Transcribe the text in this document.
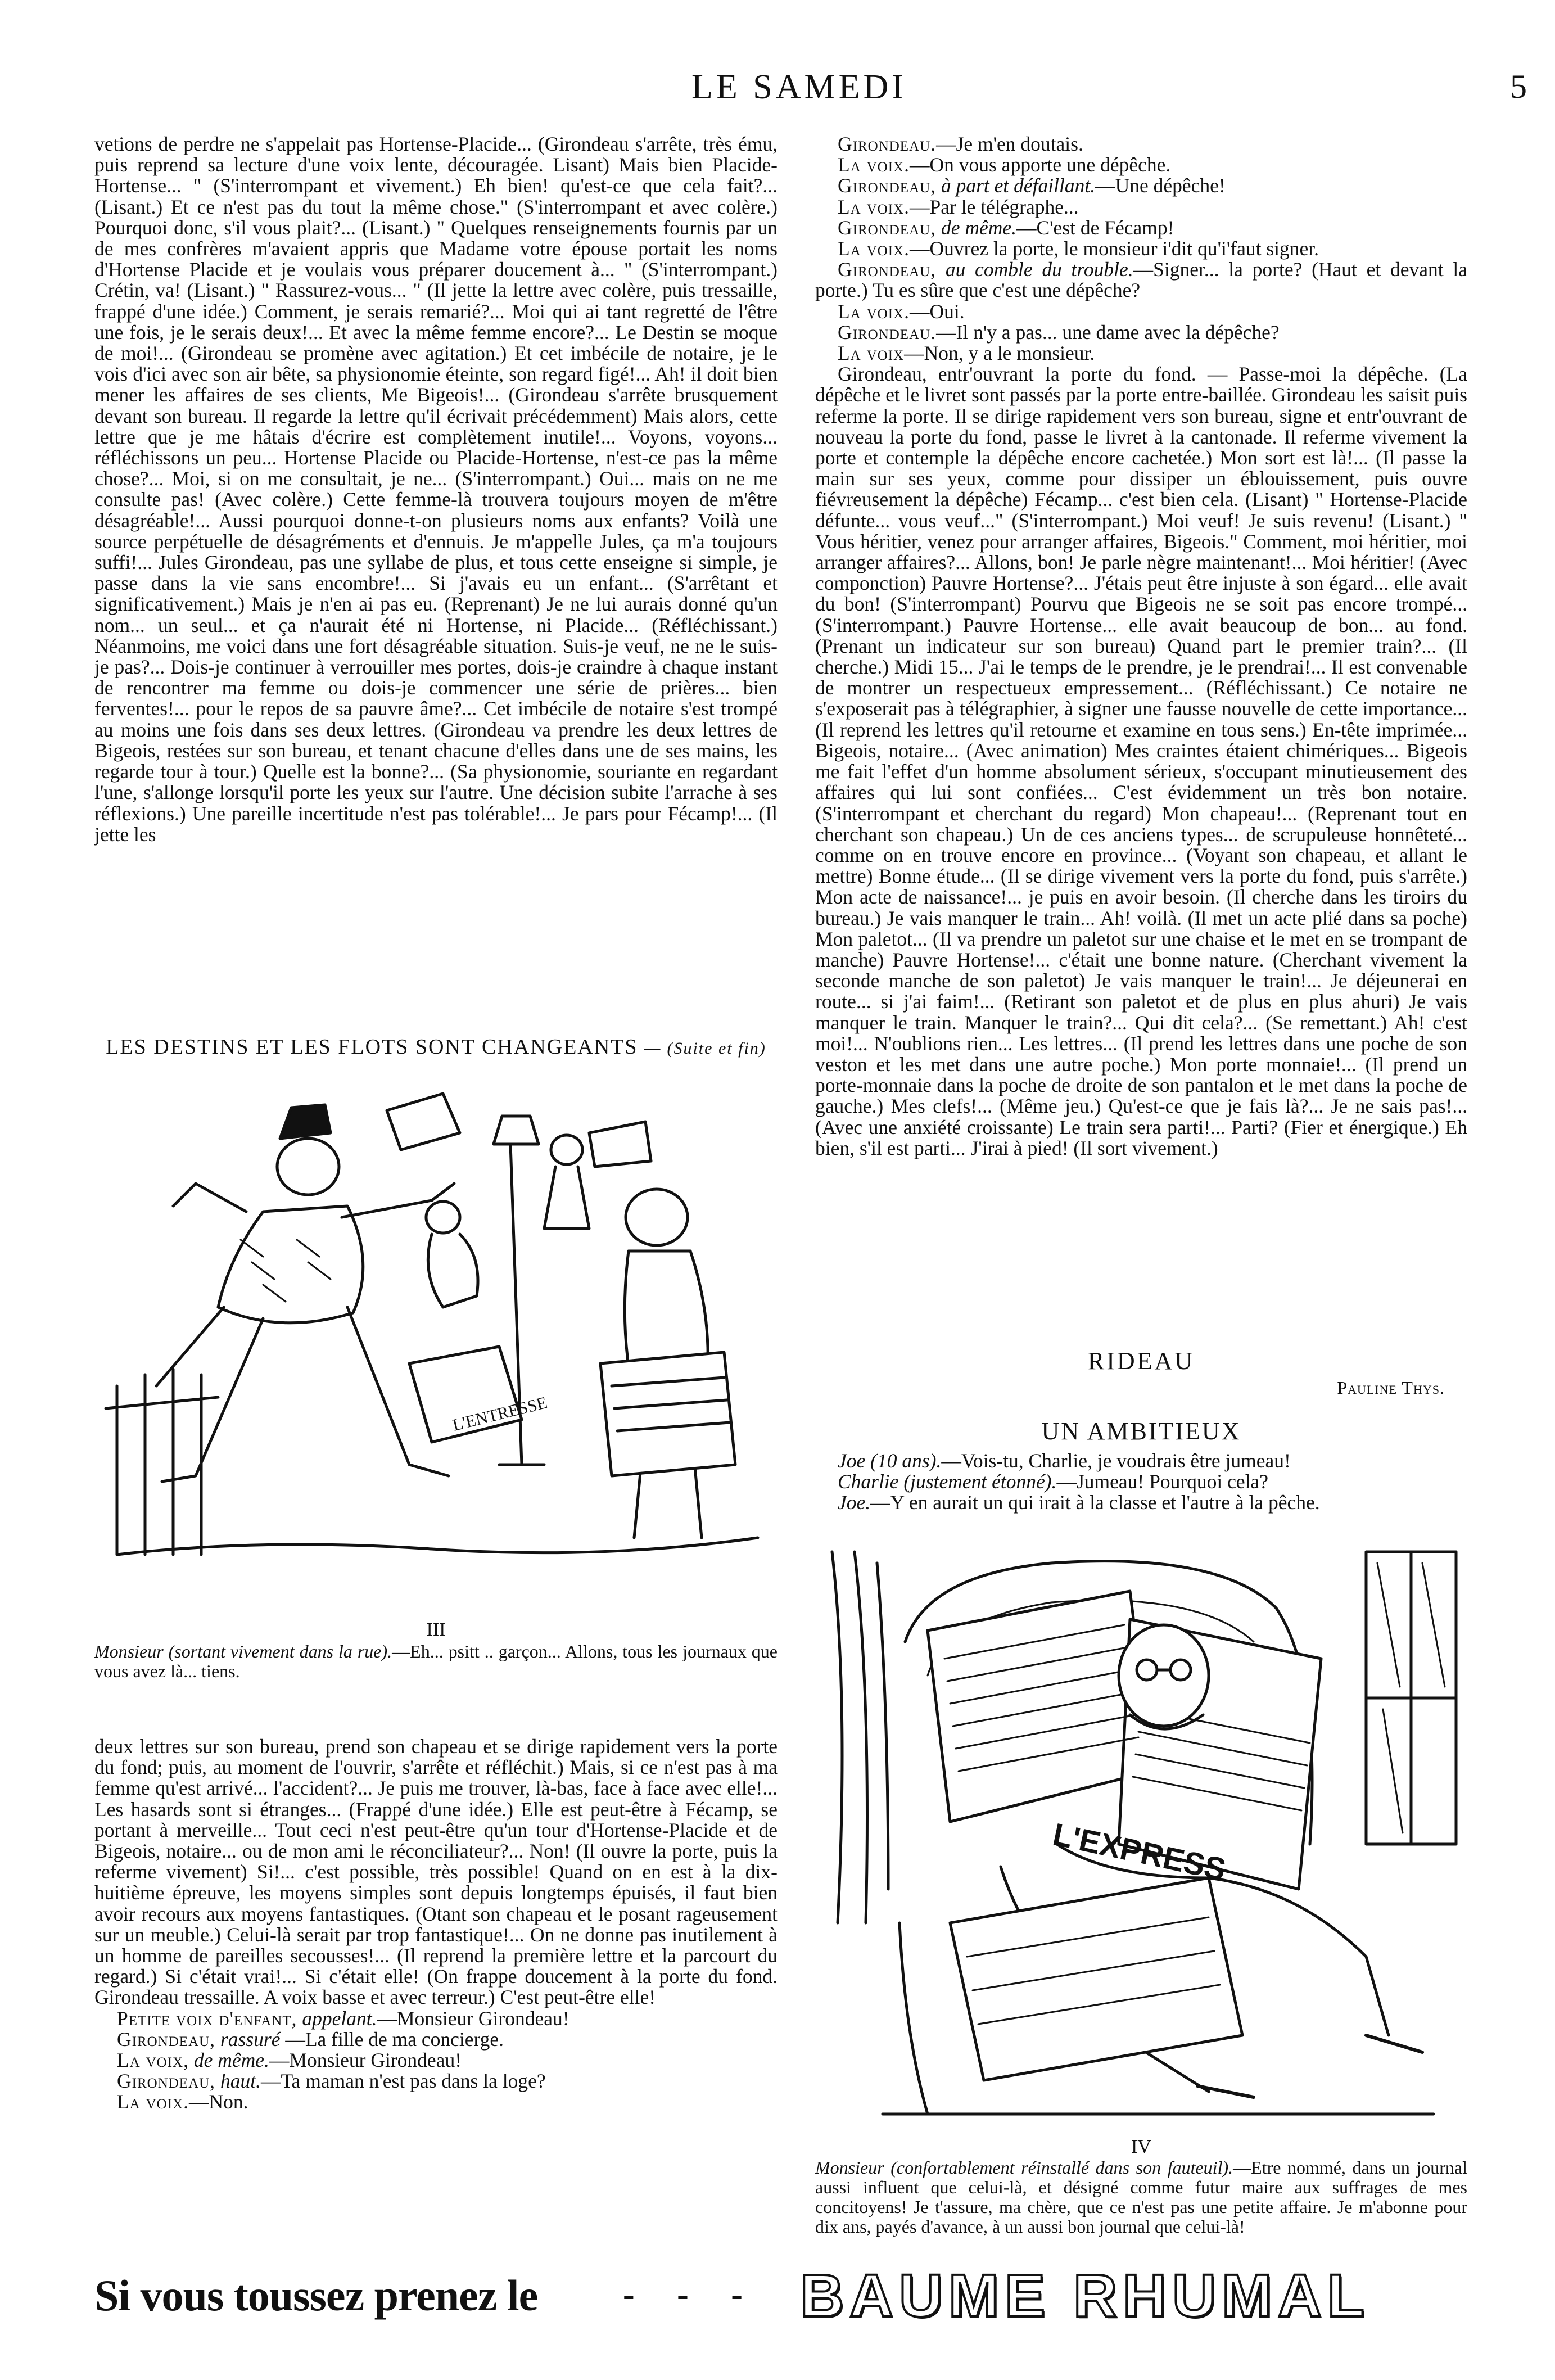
LE SAMEDI	5

vetions de perdre ne s'appelait pas Hortense-Placide... (Girondeau s'arrête, très ému, puis reprend sa lecture d'une voix lente, découragée. Lisant) Mais bien Placide-Hortense... " (S'interrompant et vivement.) Eh bien! qu'est-ce que cela fait?... (Lisant.) Et ce n'est pas du tout la même chose." (S'interrompant et avec colère.) Pourquoi donc, s'il vous plait?... (Lisant.) " Quelques renseignements fournis par un de mes confrères m'avaient appris que Madame votre épouse portait les noms d'Hortense Placide et je voulais vous préparer doucement à... " (S'interrompant.) Crétin, va! (Lisant.) " Rassurez-vous... " (Il jette la lettre avec colère, puis tressaille, frappé d'une idée.) Comment, je serais remarié?... Moi qui ai tant regretté de l'être une fois, je le serais deux!... Et avec la même femme encore?... Le Destin se moque de moi!... (Girondeau se promène avec agitation.) Et cet imbécile de notaire, je le vois d'ici avec son air bête, sa physionomie éteinte, son regard figé!... Ah! il doit bien mener les affaires de ses clients, Me Bigeois!... (Girondeau s'arrête brusquement devant son bureau. Il regarde la lettre qu'il écrivait précédemment) Mais alors, cette lettre que je me hâtais d'écrire est complètement inutile!... Voyons, voyons... réfléchissons un peu... Hortense Placide ou Placide-Hortense, n'est-ce pas la même chose?... Moi, si on me consultait, je ne... (S'interrompant.) Oui... mais on ne me consulte pas! (Avec colère.) Cette femme-là trouvera toujours moyen de m'être désagréable!... Aussi pourquoi donne-t-on plusieurs noms aux enfants? Voilà une source perpétuelle de désagréments et d'ennuis. Je m'appelle Jules, ça m'a toujours suffi!... Jules Girondeau, pas une syllabe de plus, et tous cette enseigne si simple, je passe dans la vie sans encombre!... Si j'avais eu un enfant... (S'arrêtant et significativement.) Mais je n'en ai pas eu. (Reprenant) Je ne lui aurais donné qu'un nom... un seul... et ça n'aurait été ni Hortense, ni Placide... (Réfléchissant.) Néanmoins, me voici dans une fort désagréable situation. Suis-je veuf, ne ne le suis-je pas?... Dois-je continuer à verrouiller mes portes, dois-je craindre à chaque instant de rencontrer ma femme ou dois-je commencer une série de prières... bien ferventes!... pour le repos de sa pauvre âme?... Cet imbécile de notaire s'est trompé au moins une fois dans ses deux lettres. (Girondeau va prendre les deux lettres de Bigeois, restées sur son bureau, et tenant chacune d'elles dans une de ses mains, les regarde tour à tour.) Quelle est la bonne?... (Sa physionomie, souriante en regardant l'une, s'allonge lorsqu'il porte les yeux sur l'autre. Une décision subite l'arrache à ses réflexions.) Une pareille incertitude n'est pas tolérable!... Je pars pour Fécamp!... (Il jette les

LES DESTINS ET LES FLOTS SONT CHANGEANTS — (Suite et fin)
L'ENTRESSE
III
Monsieur (sortant vivement dans la rue).—Eh... psitt .. garçon... Allons, tous les journaux que vous avez là... tiens.

deux lettres sur son bureau, prend son chapeau et se dirige rapidement vers la porte du fond; puis, au moment de l'ouvrir, s'arrête et réfléchit.) Mais, si ce n'est pas à ma femme qu'est arrivé... l'accident?... Je puis me trouver, là-bas, face à face avec elle!... Les hasards sont si étranges... (Frappé d'une idée.) Elle est peut-être à Fécamp, se portant à merveille... Tout ceci n'est peut-être qu'un tour d'Hortense-Placide et de Bigeois, notaire... ou de mon ami le réconciliateur?... Non! (Il ouvre la porte, puis la referme vivement) Si!... c'est possible, très possible! Quand on en est à la dix-huitième épreuve, les moyens simples sont depuis longtemps épuisés, il faut bien avoir recours aux moyens fantastiques. (Otant son chapeau et le posant rageusement sur un meuble.) Celui-là serait par trop fantastique!... On ne donne pas inutilement à un homme de pareilles secousses!... (Il reprend la première lettre et la parcourt du regard.) Si c'était vrai!... Si c'était elle! (On frappe doucement à la porte du fond. Girondeau tressaille. A voix basse et avec terreur.) C'est peut-être elle!

Petite voix d'enfant, appelant.—Monsieur Girondeau!

Girondeau, rassuré —La fille de ma concierge.

La voix, de même.—Monsieur Girondeau!

Girondeau, haut.—Ta maman n'est pas dans la loge?

La voix.—Non.

Girondeau.—Je m'en doutais.

La voix.—On vous apporte une dépêche.

Girondeau, à part et défaillant.—Une dépêche!

La voix.—Par le télégraphe...

Girondeau, de même.—C'est de Fécamp!

La voix.—Ouvrez la porte, le monsieur i'dit qu'i'faut signer.

Girondeau, au comble du trouble.—Signer... la porte? (Haut et devant la porte.) Tu es sûre que c'est une dépêche?

La voix.—Oui.

Girondeau.—Il n'y a pas... une dame avec la dépêche?

La voix—Non, y a le monsieur.

Girondeau, entr'ouvrant la porte du fond. — Passe-moi la dépêche. (La dépêche et le livret sont passés par la porte entre-baillée. Girondeau les saisit puis referme la porte. Il se dirige rapidement vers son bureau, signe et entr'ouvrant de nouveau la porte du fond, passe le livret à la cantonade. Il referme vivement la porte et contemple la dépêche encore cachetée.) Mon sort est là!... (Il passe la main sur ses yeux, comme pour dissiper un éblouissement, puis ouvre fiévreusement la dépêche) Fécamp... c'est bien cela. (Lisant) " Hortense-Placide défunte... vous veuf..." (S'interrompant.) Moi veuf! Je suis revenu! (Lisant.) " Vous héritier, venez pour arranger affaires, Bigeois." Comment, moi héritier, moi arranger affaires?... Allons, bon! Je parle nègre maintenant!... Moi héritier! (Avec componction) Pauvre Hortense?... J'étais peut être injuste à son égard... elle avait du bon! (S'interrompant) Pourvu que Bigeois ne se soit pas encore trompé... (S'interrompant.) Pauvre Hortense... elle avait beaucoup de bon... au fond. (Prenant un indicateur sur son bureau) Quand part le premier train?... (Il cherche.) Midi 15... J'ai le temps de le prendre, je le prendrai!... Il est convenable de montrer un respectueux empressement... (Réfléchissant.) Ce notaire ne s'exposerait pas à télégraphier, à signer une fausse nouvelle de cette importance... (Il reprend les lettres qu'il retourne et examine en tous sens.) En-tête imprimée... Bigeois, notaire... (Avec animation) Mes craintes étaient chimériques... Bigeois me fait l'effet d'un homme absolument sérieux, s'occupant minutieusement des affaires qui lui sont confiées... C'est évidemment un très bon notaire. (S'interrompant et cherchant du regard) Mon chapeau!... (Reprenant tout en cherchant son chapeau.) Un de ces anciens types... de scrupuleuse honnêteté... comme on en trouve encore en province... (Voyant son chapeau, et allant le mettre) Bonne étude... (Il se dirige vivement vers la porte du fond, puis s'arrête.) Mon acte de naissance!... je puis en avoir besoin. (Il cherche dans les tiroirs du bureau.) Je vais manquer le train... Ah! voilà. (Il met un acte plié dans sa poche) Mon paletot... (Il va prendre un paletot sur une chaise et le met en se trompant de manche) Pauvre Hortense!... c'était une bonne nature. (Cherchant vivement la seconde manche de son paletot) Je vais manquer le train!... Je déjeunerai en route... si j'ai faim!... (Retirant son paletot et de plus en plus ahuri) Je vais manquer le train. Manquer le train?... Qui dit cela?... (Se remettant.) Ah! c'est moi!... N'oublions rien... Les lettres... (Il prend les lettres dans une poche de son veston et les met dans une autre poche.) Mon porte monnaie!... (Il prend un porte-monnaie dans la poche de droite de son pantalon et le met dans la poche de gauche.) Mes clefs!... (Même jeu.) Qu'est-ce que je fais là?... Je ne sais pas!... (Avec une anxiété croissante) Le train sera parti!... Parti? (Fier et énergique.) Eh bien, s'il est parti... J'irai à pied! (Il sort vivement.)

RIDEAU
Pauline Thys.
UN AMBITIEUX

Joe (10 ans).—Vois-tu, Charlie, je voudrais être jumeau!

Charlie (justement étonné).—Jumeau! Pourquoi cela?

Joe.—Y en aurait un qui irait à la classe et l'autre à la pêche.

L'EXPRESS
IV
Monsieur (confortablement réinstallé dans son fauteuil).—Etre nommé, dans un journal aussi influent que celui-là, et désigné comme futur maire aux suffrages de mes concitoyens! Je t'assure, ma chère, que ce n'est pas une petite affaire. Je m'abonne pour dix ans, payés d'avance, à un aussi bon journal que celui-là!
Si vous toussez prenez le - - - BAUME RHUMAL
